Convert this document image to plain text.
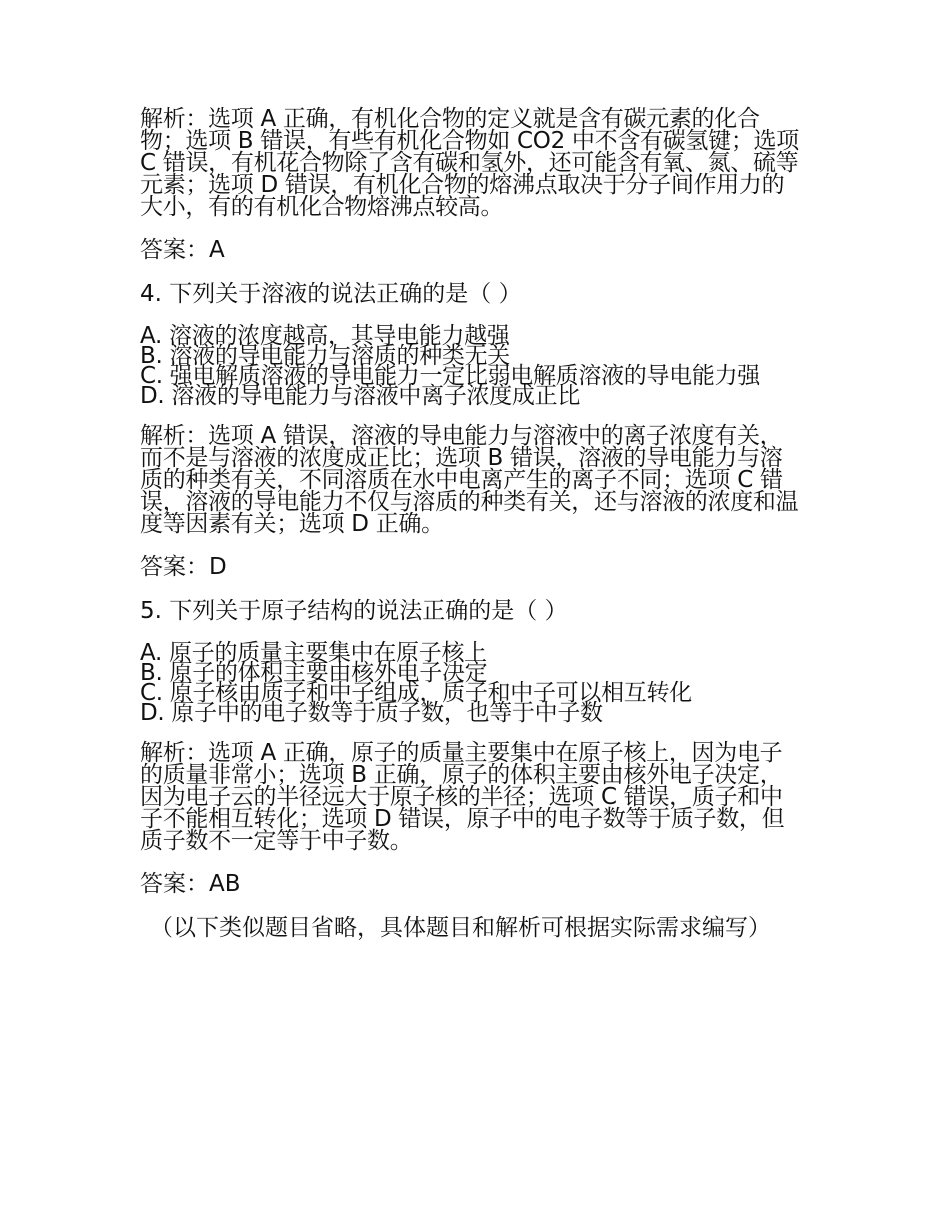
解析：选项 A 正确，有机化合物的定义就是含有碳元素的化合物；选项 B 错误，有些有机化合物如 CO2 中不含有碳氢键；选项 C 错误，有机花合物除了含有碳和氢外，还可能含有氧、氮、硫等元素；选项 D 错误，有机化合物的熔沸点取决于分子间作用力的大小，有的有机化合物熔沸点较高。

答案：A

4. 下列关于溶液的说法正确的是（ ）

A. 溶液的浓度越高，其导电能力越强

B. 溶液的导电能力与溶质的种类无关

C. 强电解质溶液的导电能力一定比弱电解质溶液的导电能力强

D. 溶液的导电能力与溶液中离子浓度成正比

解析：选项 A 错误，溶液的导电能力与溶液中的离子浓度有关，而不是与溶液的浓度成正比；选项 B 错误，溶液的导电能力与溶质的种类有关，不同溶质在水中电离产生的离子不同；选项 C 错误，溶液的导电能力不仅与溶质的种类有关，还与溶液的浓度和温度等因素有关；选项 D 正确。

答案：D

5. 下列关于原子结构的说法正确的是（ ）

A. 原子的质量主要集中在原子核上

B. 原子的体积主要由核外电子决定

C. 原子核由质子和中子组成，质子和中子可以相互转化

D. 原子中的电子数等于质子数，也等于中子数

解析：选项 A 正确，原子的质量主要集中在原子核上，因为电子的质量非常小；选项 B 正确，原子的体积主要由核外电子决定，因为电子云的半径远大于原子核的半径；选项 C 错误，质子和中子不能相互转化；选项 D 错误，原子中的电子数等于质子数，但质子数不一定等于中子数。

答案：AB

（以下类似题目省略，具体题目和解析可根据实际需求编写）
